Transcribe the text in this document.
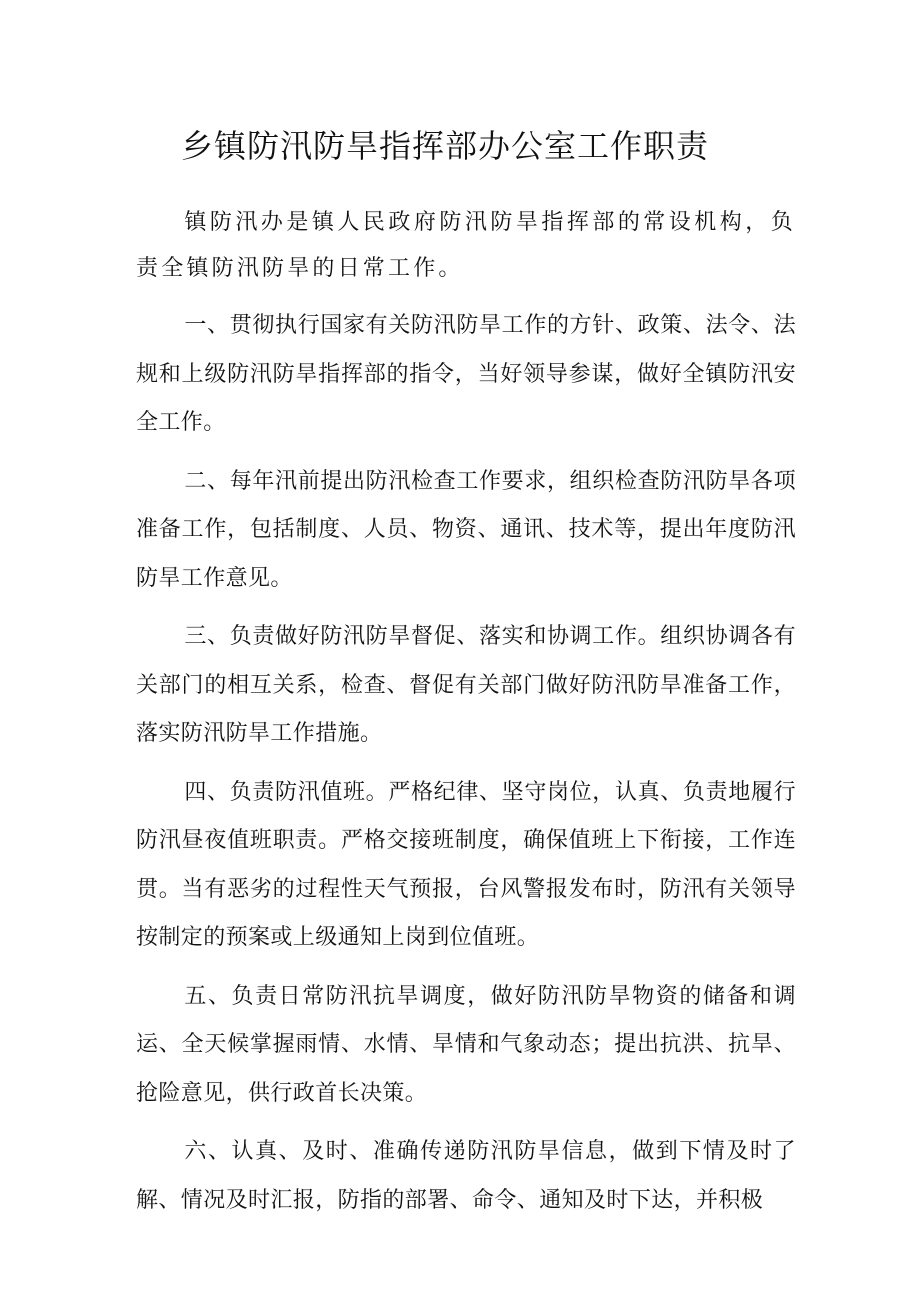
乡镇防汛防旱指挥部办公室工作职责

镇防汛办是镇人民政府防汛防旱指挥部的常设机构，负责全镇防汛防旱的日常工作。

一、贯彻执行国家有关防汛防旱工作的方针、政策、法令、法规和上级防汛防旱指挥部的指令，当好领导参谋，做好全镇防汛安全工作。

二、每年汛前提出防汛检查工作要求，组织检查防汛防旱各项准备工作，包括制度、人员、物资、通讯、技术等，提出年度防汛防旱工作意见。

三、负责做好防汛防旱督促、落实和协调工作。组织协调各有关部门的相互关系，检查、督促有关部门做好防汛防旱准备工作，落实防汛防旱工作措施。

四、负责防汛值班。严格纪律、坚守岗位，认真、负责地履行防汛昼夜值班职责。严格交接班制度，确保值班上下衔接，工作连贯。当有恶劣的过程性天气预报，台风警报发布时，防汛有关领导按制定的预案或上级通知上岗到位值班。

五、负责日常防汛抗旱调度，做好防汛防旱物资的储备和调运、全天候掌握雨情、水情、旱情和气象动态；提出抗洪、抗旱、抢险意见，供行政首长决策。

六、认真、及时、准确传递防汛防旱信息，做到下情及时了解、情况及时汇报，防指的部署、命令、通知及时下达，并积极
